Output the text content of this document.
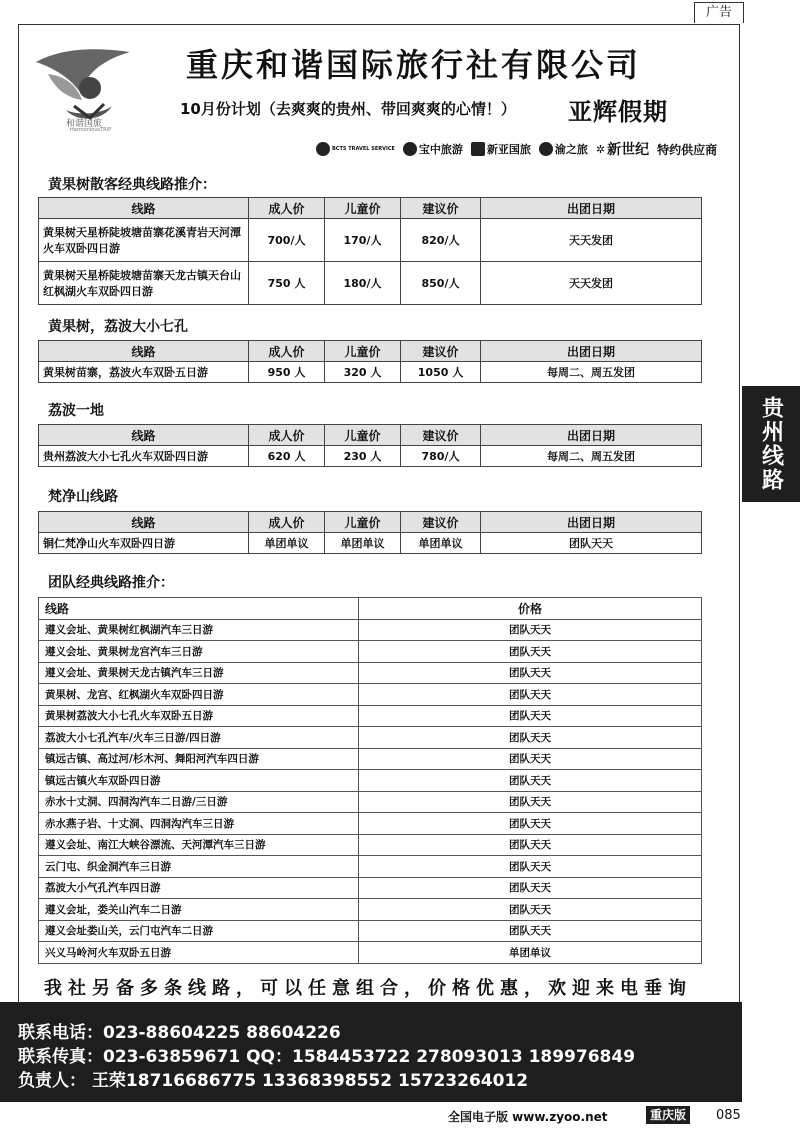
广告
和谐国旅
HarmoniousTRIP
重庆和谐国际旅行社有限公司
10月份计划（去爽爽的贵州、带回爽爽的心情！） 亚辉假期
BCTS TRAVEL SERVICE 宝中旅游 新亚国旅 渝之旅 ✲ 新世纪 特约供应商
黄果树散客经典线路推介：
线路	成人价	儿童价	建议价	出团日期
黄果树天星桥陡坡塘苗寨花溪青岩天河潭火车双卧四日游	700/人	170/人	820/人	天天发团
黄果树天星桥陡坡塘苗寨天龙古镇天台山红枫湖火车双卧四日游	750 人	180/人	850/人	天天发团
黄果树，荔波大小七孔
线路	成人价	儿童价	建议价	出团日期
黄果树苗寨，荔波火车双卧五日游	950 人	320 人	1050 人	每周二、周五发团
荔波一地
线路	成人价	儿童价	建议价	出团日期
贵州荔波大小七孔火车双卧四日游	620 人	230 人	780/人	每周二、周五发团
梵净山线路
线路	成人价	儿童价	建议价	出团日期
铜仁梵净山火车双卧四日游	单团单议	单团单议	单团单议	团队天天
团队经典线路推介：
线路	价格
遵义会址、黄果树红枫湖汽车三日游	团队天天
遵义会址、黄果树龙宫汽车三日游	团队天天
遵义会址、黄果树天龙古镇汽车三日游	团队天天
黄果树、龙宫、红枫湖火车双卧四日游	团队天天
黄果树荔波大小七孔火车双卧五日游	团队天天
荔波大小七孔汽车/火车三日游/四日游	团队天天
镇远古镇、高过河/杉木河、舞阳河汽车四日游	团队天天
镇远古镇火车双卧四日游	团队天天
赤水十丈洞、四洞沟汽车二日游/三日游	团队天天
赤水燕子岩、十丈洞、四洞沟汽车三日游	团队天天
遵义会址、南江大峡谷漂流、天河潭汽车三日游	团队天天
云门屯、织金洞汽车三日游	团队天天
荔波大小气孔汽车四日游	团队天天
遵义会址，娄关山汽车二日游	团队天天
遵义会址娄山关，云门屯汽车二日游	团队天天
兴义马岭河火车双卧五日游	单团单议
贵州线路
我社另备多条线路，可以任意组合，价格优惠，欢迎来电垂询
联系电话：023-88604225 88604226
联系传真：023-63859671 QQ：1584453722 278093013 189976849
负责人： 王荣18716686775 13368398552 15723264012
全国电子版 www.zyoo.net	重庆版	085
